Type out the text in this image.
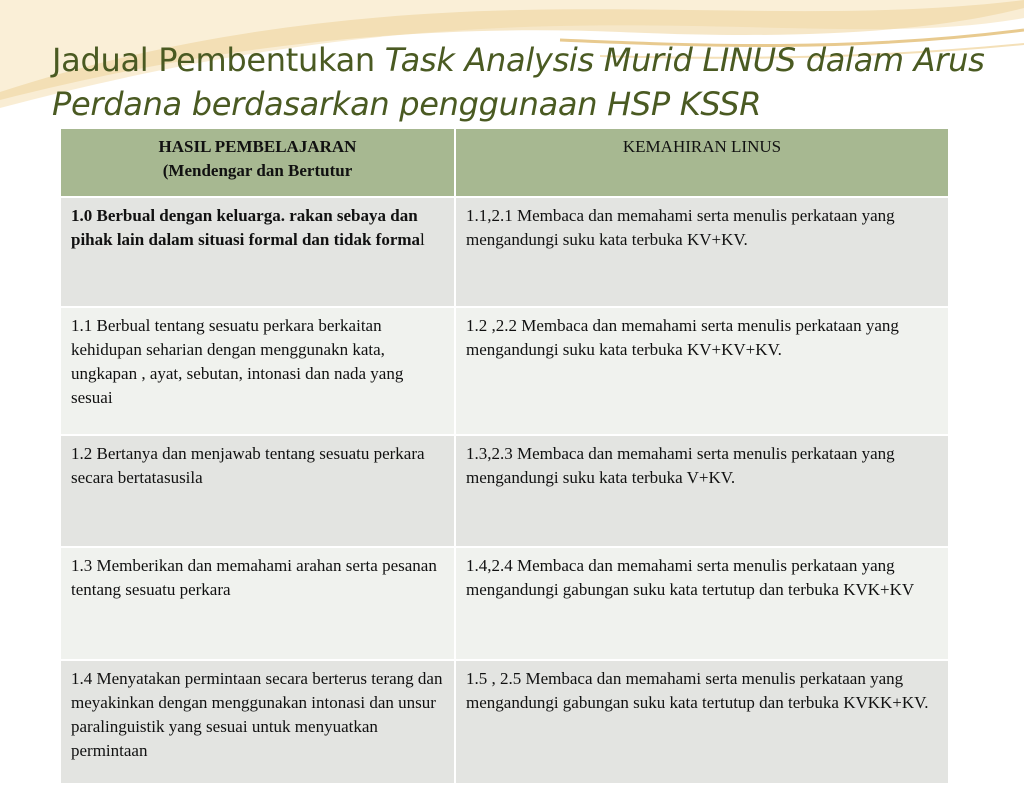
Jadual Pembentukan Task Analysis Murid LINUS dalam Arus Perdana berdasarkan penggunaan HSP KSSR
HASIL PEMBELAJARAN
(Mendengar dan Bertutur	KEMAHIRAN LINUS
1.0 Berbual dengan keluarga. rakan sebaya dan pihak lain dalam situasi formal dan tidak formal	1.1,2.1 Membaca dan memahami serta menulis perkataan yang mengandungi suku kata terbuka KV+KV.
1.1 Berbual tentang sesuatu perkara berkaitan kehidupan seharian dengan menggunakn kata, ungkapan , ayat, sebutan, intonasi dan nada yang sesuai	1.2 ,2.2 Membaca dan memahami serta menulis perkataan yang mengandungi suku kata terbuka KV+KV+KV.
1.2 Bertanya dan menjawab tentang sesuatu perkara secara bertatasusila	1.3,2.3 Membaca dan memahami serta menulis perkataan yang mengandungi suku kata terbuka V+KV.
1.3 Memberikan dan memahami arahan serta pesanan tentang sesuatu perkara	1.4,2.4 Membaca dan memahami serta menulis perkataan yang mengandungi gabungan suku kata tertutup dan terbuka KVK+KV
1.4 Menyatakan permintaan secara berterus terang dan meyakinkan dengan menggunakan intonasi dan unsur paralinguistik yang sesuai untuk menyuatkan permintaan	1.5 , 2.5 Membaca dan memahami serta menulis perkataan yang mengandungi gabungan suku kata tertutup dan terbuka KVKK+KV.
